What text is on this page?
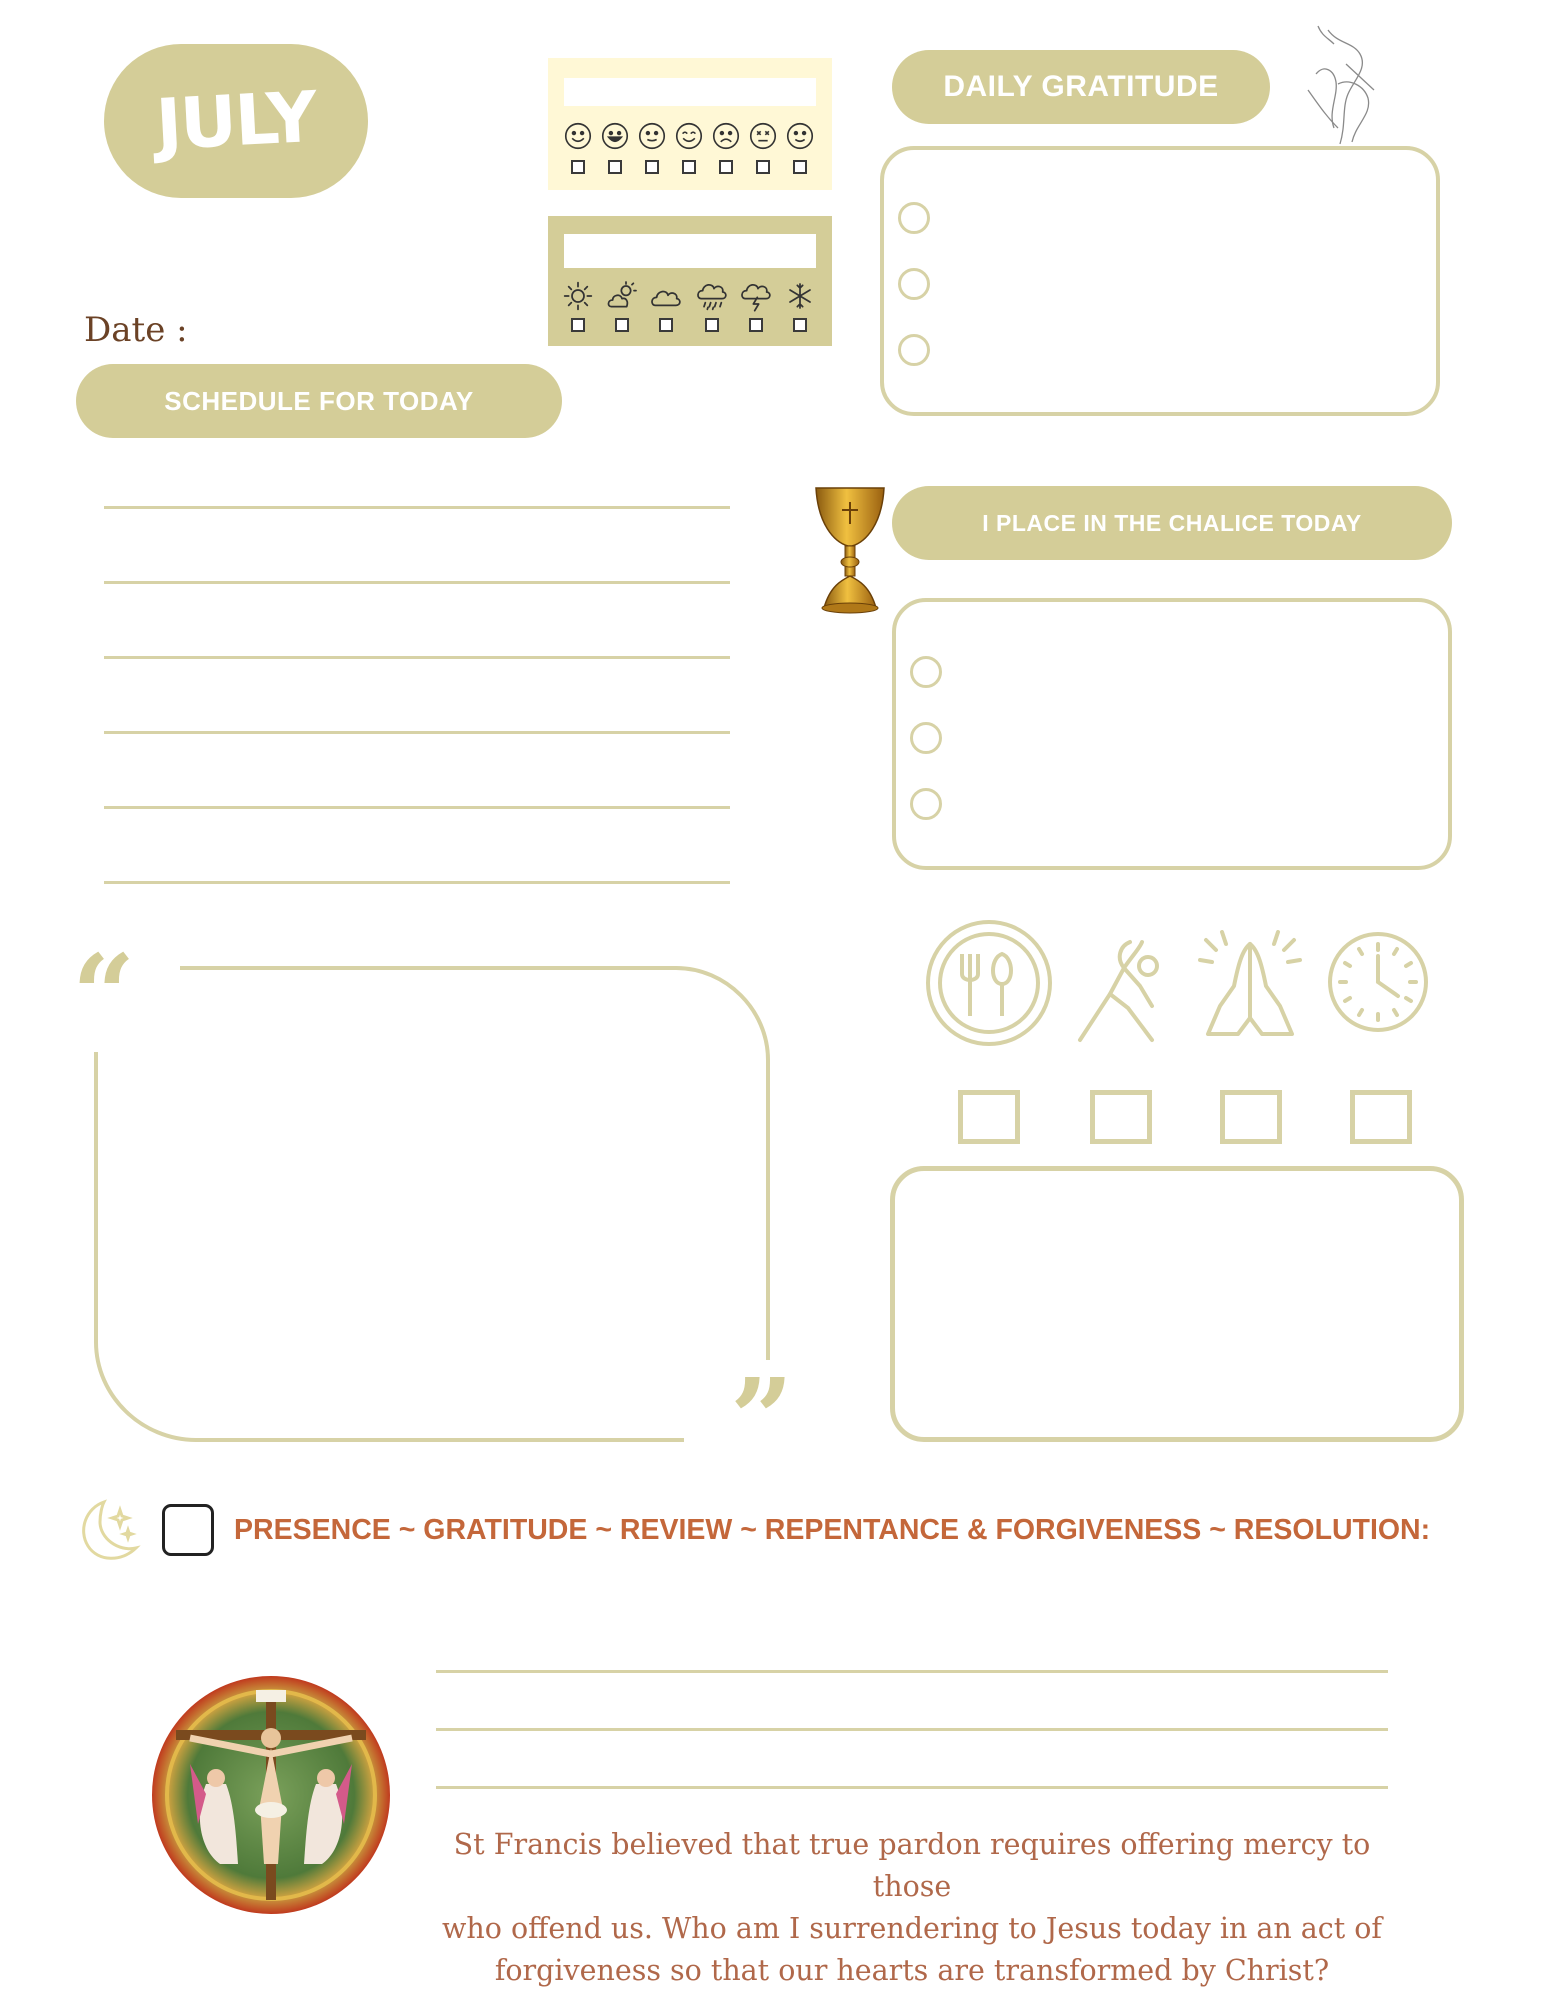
JULY
Date :
SCHEDULE FOR TODAY
DAILY GRATITUDE
I PLACE IN THE CHALICE TODAY
“
”
PRESENCE ~ GRATITUDE ~ REVIEW ~ REPENTANCE & FORGIVENESS ~ RESOLUTION:
St Francis believed that true pardon requires offering mercy to those
who offend us. Who am I surrendering to Jesus today in an act of
forgiveness so that our hearts are transformed by Christ?
